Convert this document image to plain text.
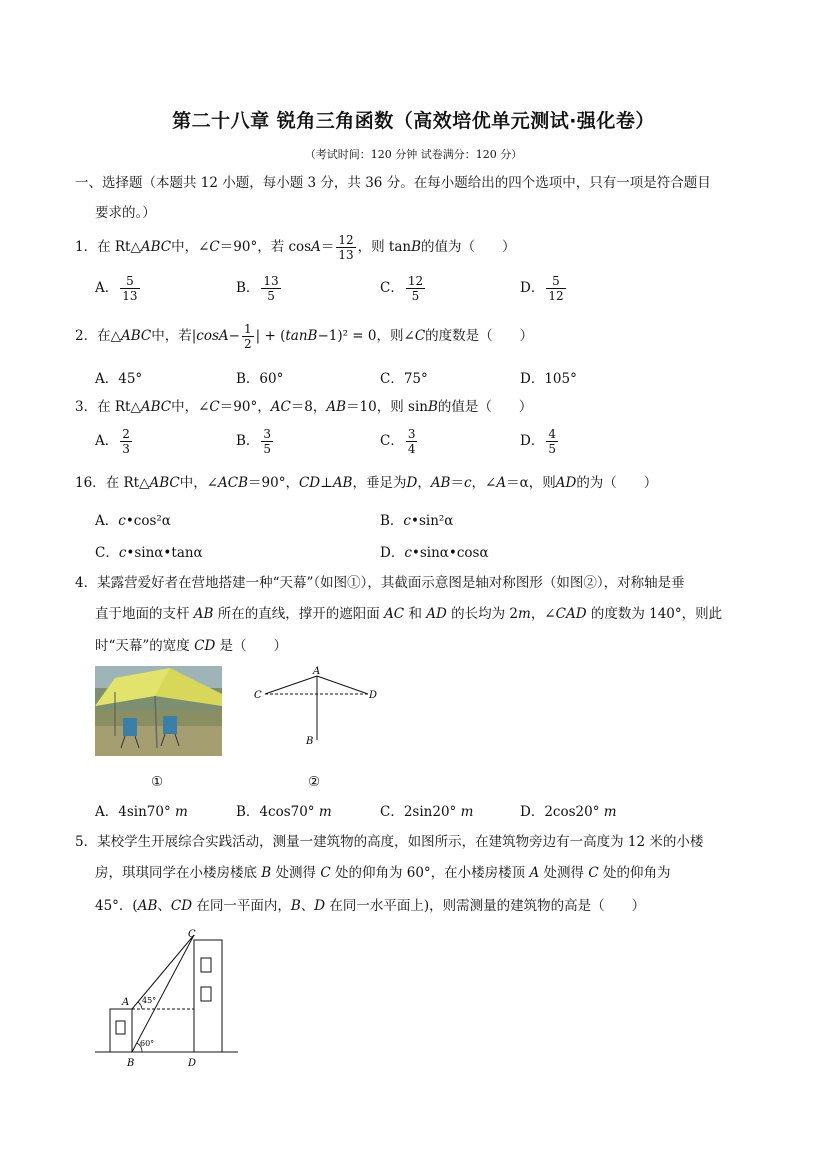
第二十八章 锐角三角函数（高效培优单元测试·强化卷）
（考试时间：120 分钟 试卷满分：120 分）
一、选择题（本题共 12 小题，每小题 3 分，共 36 分。在每小题给出的四个选项中，只有一项是符合题目
要求的。）
1．在 Rt△ABC中，∠C＝90°，若 $\cos A= \frac{12}{13}$ ，则 tanB的值为（　　）
A． $\frac{5}{13}$	B． $\frac{13}{5}$	C． $\frac{12}{5}$	D． $\frac{5}{12}$
2．在△ABC中，若$|\cos A- \frac{1}{2}$ | + (tanB−1)² = 0，则∠C的度数是（　　）
A．45°	B．60°	C．75°	D．105°
3．在 Rt△ABC中，∠C＝90°，AC＝8，AB＝10，则 sinB的值是（　　）
A． $\frac{2}{3}$	B． $\frac{3}{5}$	C． $\frac{3}{4}$	D． $\frac{4}{5}$
16．在 Rt△ABC中，∠ACB＝90°，CD⊥AB，垂足为D，AB＝c，∠A＝α，则AD的为（　　）
A．c•cos²α	B．c•sin²α
C．c•sinα•tanα	D．c•sinα•cosα
4．某露营爱好者在营地搭建一种“天幕”（如图①），其截面示意图是轴对称图形（如图②），对称轴是垂
直于地面的支杆 AB 所在的直线，撑开的遮阳面 AC 和 AD 的长均为 2m，∠CAD 的度数为 140°，则此
时“天幕”的宽度 CD 是（　　）
①
A
C	D
B
②
A．4sin70° m	B．4cos70° m	C．2sin20° m	D．2cos20° m
5．某校学生开展综合实践活动，测量一建筑物的高度，如图所示，在建筑物旁边有一高度为 12 米的小楼
房，琪琪同学在小楼房楼底 B 处测得 C 处的仰角为 60°，在小楼房楼顶 A 处测得 C 处的仰角为
45°．(AB、CD 在同一平面内，B、D 在同一水平面上)，则需测量的建筑物的高是（　　）
A
B
C
D
45°
60°
